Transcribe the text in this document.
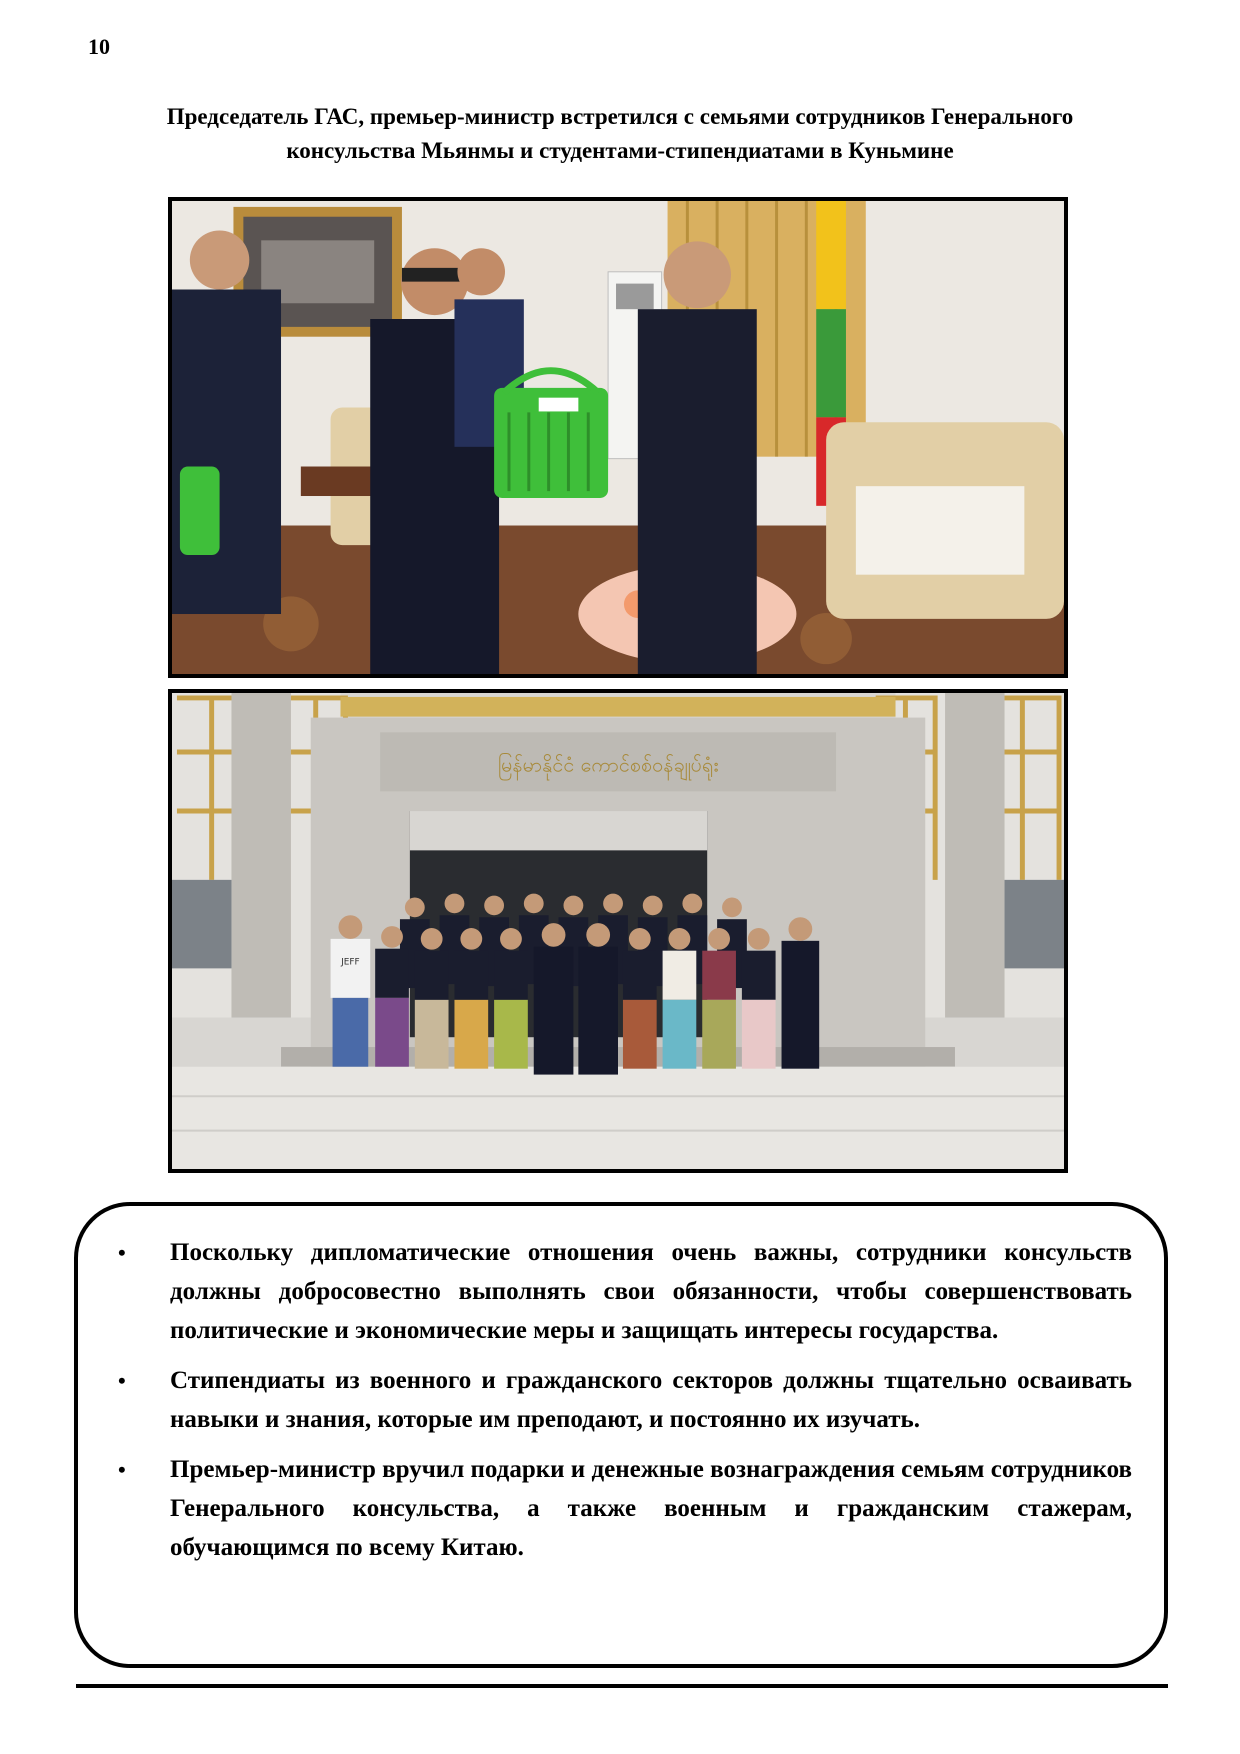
10
Председатель ГАС, премьер-министр встретился с семьями сотрудников Генерального консульства Мьянмы и студентами-стипендиатами в Куньмине
မြန်မာနိုင်ငံ ကောင်စစ်ဝန်ချုပ်ရုံး
JEFF
• Поскольку дипломатические отношения очень важны, сотрудники консульств должны добросовестно выполнять свои обязанности, чтобы совершенствовать политические и экономические меры и защищать интересы государства.
• Стипендиаты из военного и гражданского секторов должны тщательно осваивать навыки и знания, которые им преподают, и постоянно их изучать.
• Премьер-министр вручил подарки и денежные вознаграждения семьям сотрудников Генерального консульства, а также военным и гражданским стажерам, обучающимся по всему Китаю.
